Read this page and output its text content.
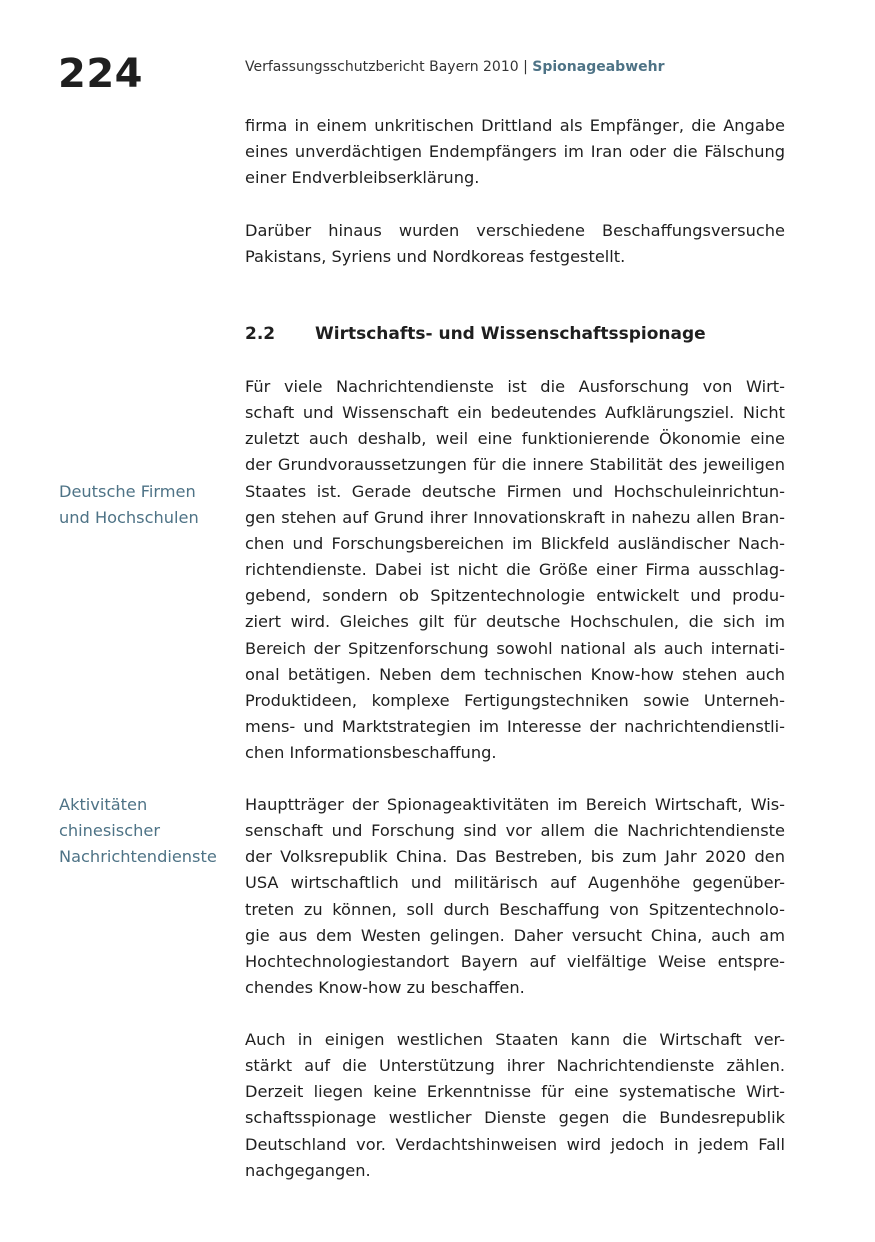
224	Verfassungsschutzbericht Bayern 2010 | Spionageabwehr
firma in einem unkritischen Drittland als Empfänger, die Angabe
eines unverdächtigen Endempfängers im Iran oder die Fälschung
einer Endverbleibserklärung.
Darüber hinaus wurden verschiedene Beschaffungsversuche
Pakistans, Syriens und Nordkoreas festgestellt.
2.2 Wirtschafts- und Wissenschaftsspionage
Für viele Nachrichtendienste ist die Ausforschung von Wirt-
schaft und Wissenschaft ein bedeutendes Aufklärungsziel. Nicht
zuletzt auch deshalb, weil eine funktionierende Ökonomie eine
der Grundvoraussetzungen für die innere Stabilität des jeweiligen
Staates ist. Gerade deutsche Firmen und Hochschuleinrichtun-
gen stehen auf Grund ihrer Innovationskraft in nahezu allen Bran-
chen und Forschungsbereichen im Blickfeld ausländischer Nach-
richtendienste. Dabei ist nicht die Größe einer Firma ausschlag-
gebend, sondern ob Spitzentechnologie entwickelt und produ-
ziert wird. Gleiches gilt für deutsche Hochschulen, die sich im
Bereich der Spitzenforschung sowohl national als auch internati-
onal betätigen. Neben dem technischen Know-how stehen auch
Produktideen, komplexe Fertigungstechniken sowie Unterneh-
mens- und Marktstrategien im Interesse der nachrichtendienstli-
chen Informationsbeschaffung.
Deutsche Firmen
und Hochschulen
Hauptträger der Spionageaktivitäten im Bereich Wirtschaft, Wis-
senschaft und Forschung sind vor allem die Nachrichtendienste
der Volksrepublik China. Das Bestreben, bis zum Jahr 2020 den
USA wirtschaftlich und militärisch auf Augenhöhe gegenüber-
treten zu können, soll durch Beschaffung von Spitzentechnolo-
gie aus dem Westen gelingen. Daher versucht China, auch am
Hochtechnologiestandort Bayern auf vielfältige Weise entspre-
chendes Know-how zu beschaffen.
Aktivitäten
chinesischer
Nachrichtendienste
Auch in einigen westlichen Staaten kann die Wirtschaft ver-
stärkt auf die Unterstützung ihrer Nachrichtendienste zählen.
Derzeit liegen keine Erkenntnisse für eine systematische Wirt-
schaftsspionage westlicher Dienste gegen die Bundesrepublik
Deutschland vor. Verdachtshinweisen wird jedoch in jedem Fall
nachgegangen.
